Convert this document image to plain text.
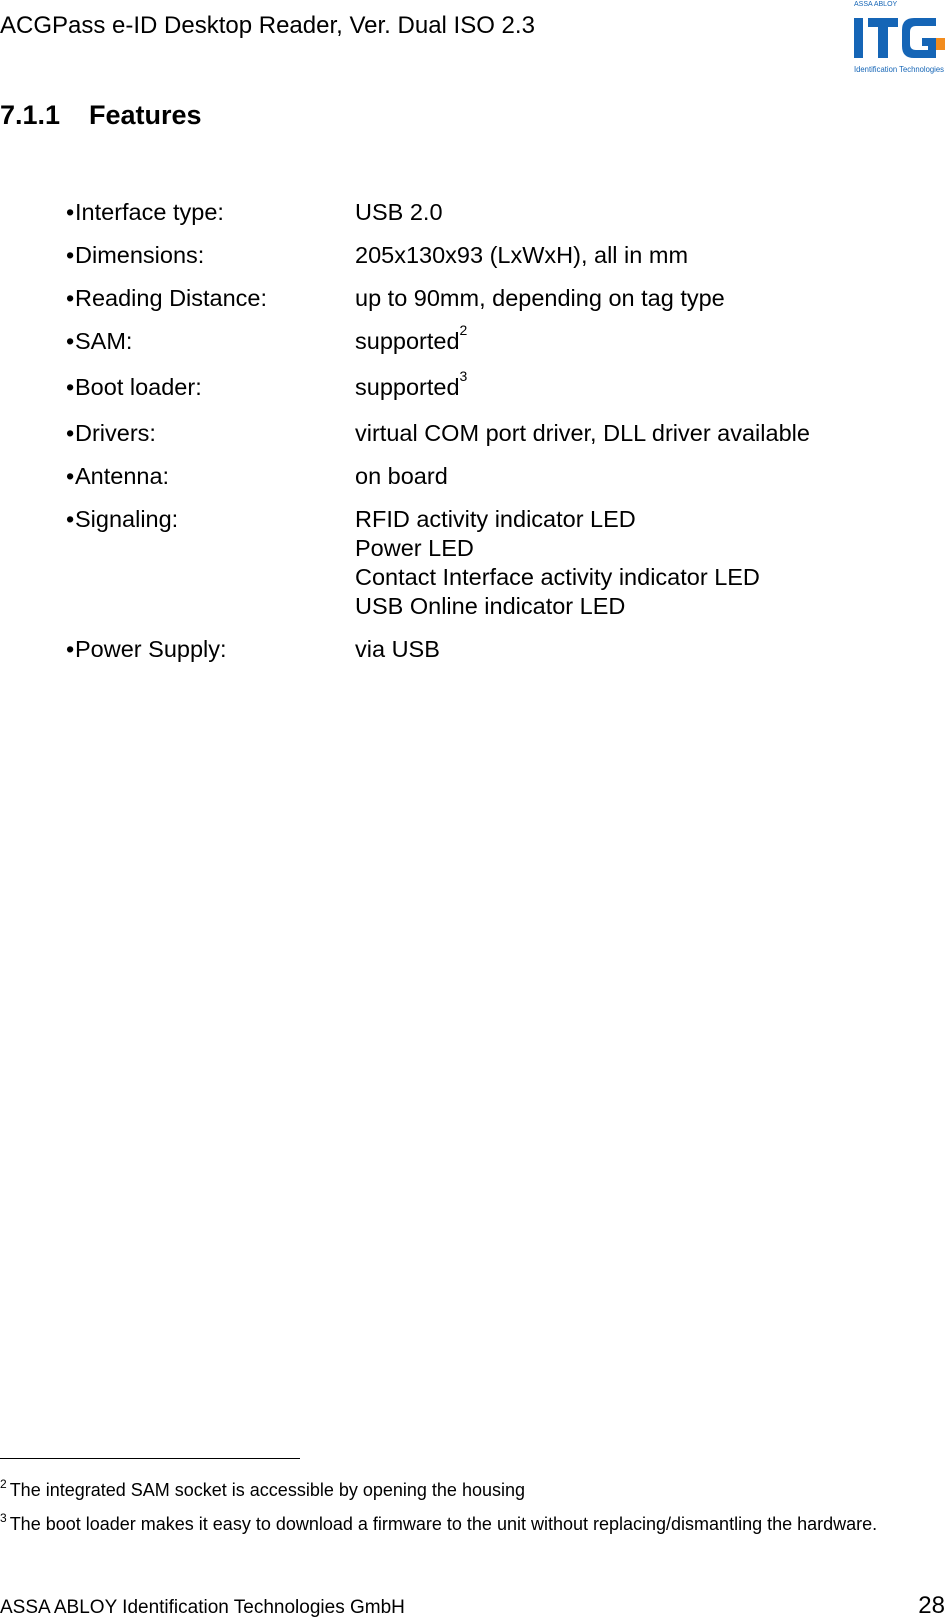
ACGPass e-ID Desktop Reader, Ver. Dual ISO 2.3
ASSA ABLOY
Identification Technologies
7.1.1 Features
• Interface type:	USB 2.0
• Dimensions:	205x130x93 (LxWxH), all in mm
• Reading Distance:	up to 90mm, depending on tag type
• SAM:	supported$^2$
• Boot loader:	supported$^3$
• Drivers:	virtual COM port driver, DLL driver available
• Antenna:	on board
• Signaling:	RFID activity indicator LED
Power LED
Contact Interface activity indicator LED
USB Online indicator LED
• Power Supply:	via USB

$^2$ The integrated SAM socket is accessible by opening the housing

$^3$ The boot loader makes it easy to download a firmware to the unit without replacing/dismantling the hardware.

ASSA ABLOY Identification Technologies GmbH	28
